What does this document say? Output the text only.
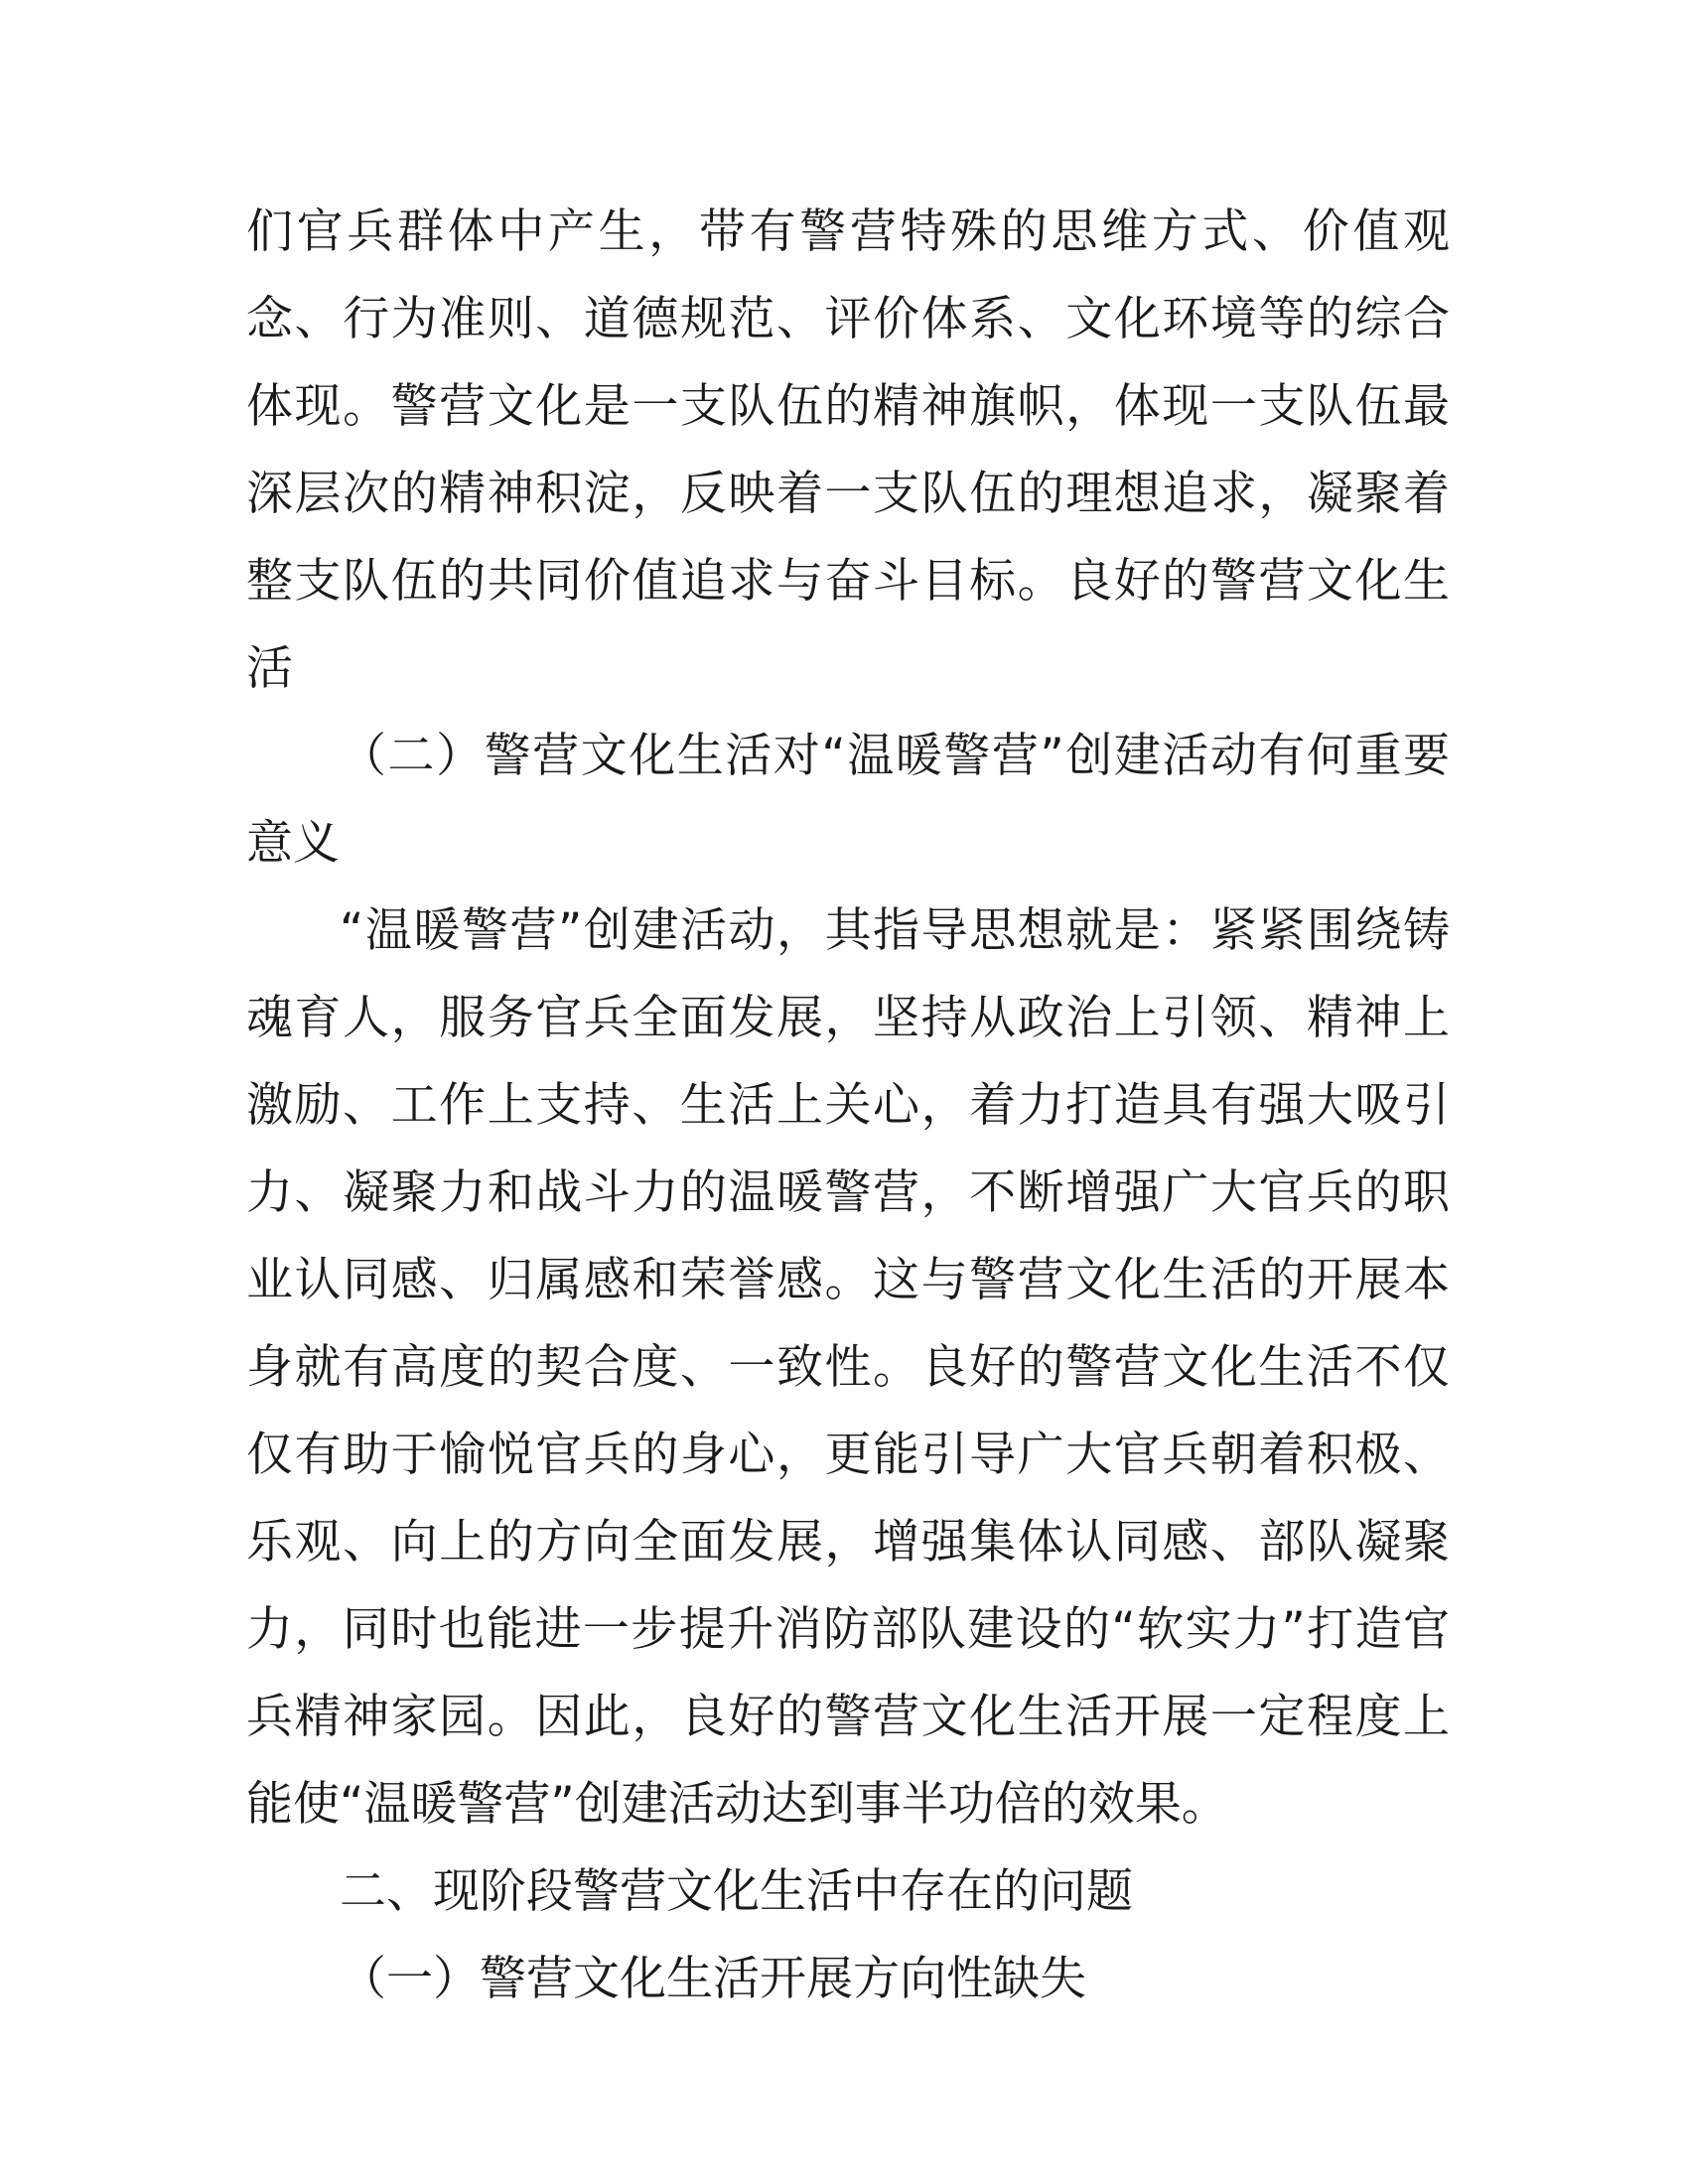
们官兵群体中产生，带有警营特殊的思维方式、价值观念、行为准则、道德规范、评价体系、文化环境等的综合体现。警营文化是一支队伍的精神旗帜，体现一支队伍最深层次的精神积淀，反映着一支队伍的理想追求，凝聚着整支队伍的共同价值追求与奋斗目标。良好的警营文化生活

（二）警营文化生活对“温暖警营”创建活动有何重要意义

“温暖警营”创建活动，其指导思想就是：紧紧围绕铸魂育人，服务官兵全面发展，坚持从政治上引领、精神上激励、工作上支持、生活上关心，着力打造具有强大吸引力、凝聚力和战斗力的温暖警营，不断增强广大官兵的职业认同感、归属感和荣誉感。这与警营文化生活的开展本身就有高度的契合度、一致性。良好的警营文化生活不仅仅有助于愉悦官兵的身心，更能引导广大官兵朝着积极、乐观、向上的方向全面发展，增强集体认同感、部队凝聚力，同时也能进一步提升消防部队建设的“软实力”打造官兵精神家园。因此，良好的警营文化生活开展一定程度上能使“温暖警营”创建活动达到事半功倍的效果。

二、现阶段警营文化生活中存在的问题

（一）警营文化生活开展方向性缺失
